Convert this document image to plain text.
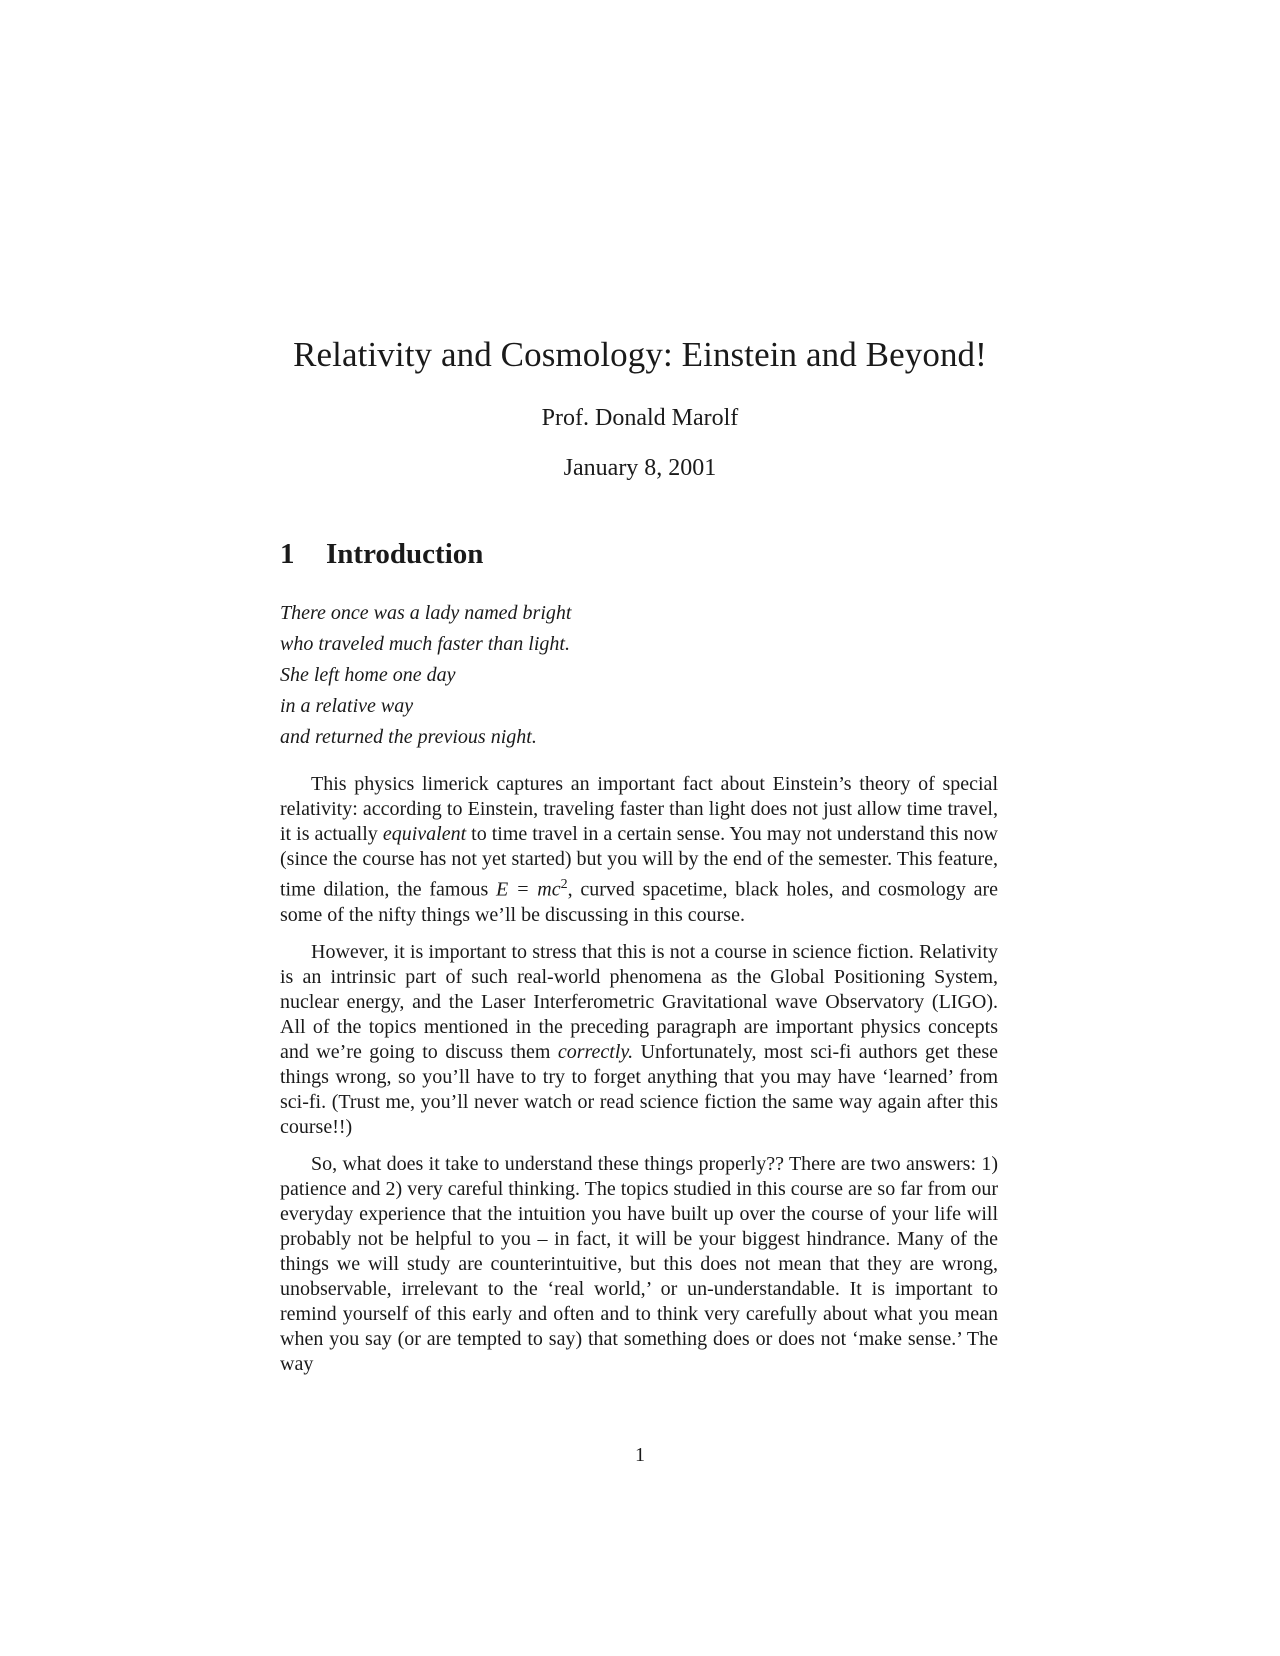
Relativity and Cosmology: Einstein and Beyond!
Prof. Donald Marolf
January 8, 2001
1 Introduction
There once was a lady named bright
who traveled much faster than light.
She left home one day
in a relative way
and returned the previous night.

This physics limerick captures an important fact about Einstein’s theory of special relativity: according to Einstein, traveling faster than light does not just allow time travel, it is actually equivalent to time travel in a certain sense. You may not understand this now (since the course has not yet started) but you will by the end of the semester. This feature, time dilation, the famous $E = mc^2$, curved spacetime, black holes, and cosmology are some of the nifty things we’ll be discussing in this course.

However, it is important to stress that this is not a course in science fiction. Relativity is an intrinsic part of such real-world phenomena as the Global Positioning System, nuclear energy, and the Laser Interferometric Gravitational wave Observatory (LIGO). All of the topics mentioned in the preceding paragraph are important physics concepts and we’re going to discuss them correctly. Unfortunately, most sci-fi authors get these things wrong, so you’ll have to try to forget anything that you may have ‘learned’ from sci-fi. (Trust me, you’ll never watch or read science fiction the same way again after this course!!)

So, what does it take to understand these things properly?? There are two answers: 1) patience and 2) very careful thinking. The topics studied in this course are so far from our everyday experience that the intuition you have built up over the course of your life will probably not be helpful to you – in fact, it will be your biggest hindrance. Many of the things we will study are counterintuitive, but this does not mean that they are wrong, unobservable, irrelevant to the ‘real world,’ or un-understandable. It is important to remind yourself of this early and often and to think very carefully about what you mean when you say (or are tempted to say) that something does or does not ‘make sense.’ The way

1
